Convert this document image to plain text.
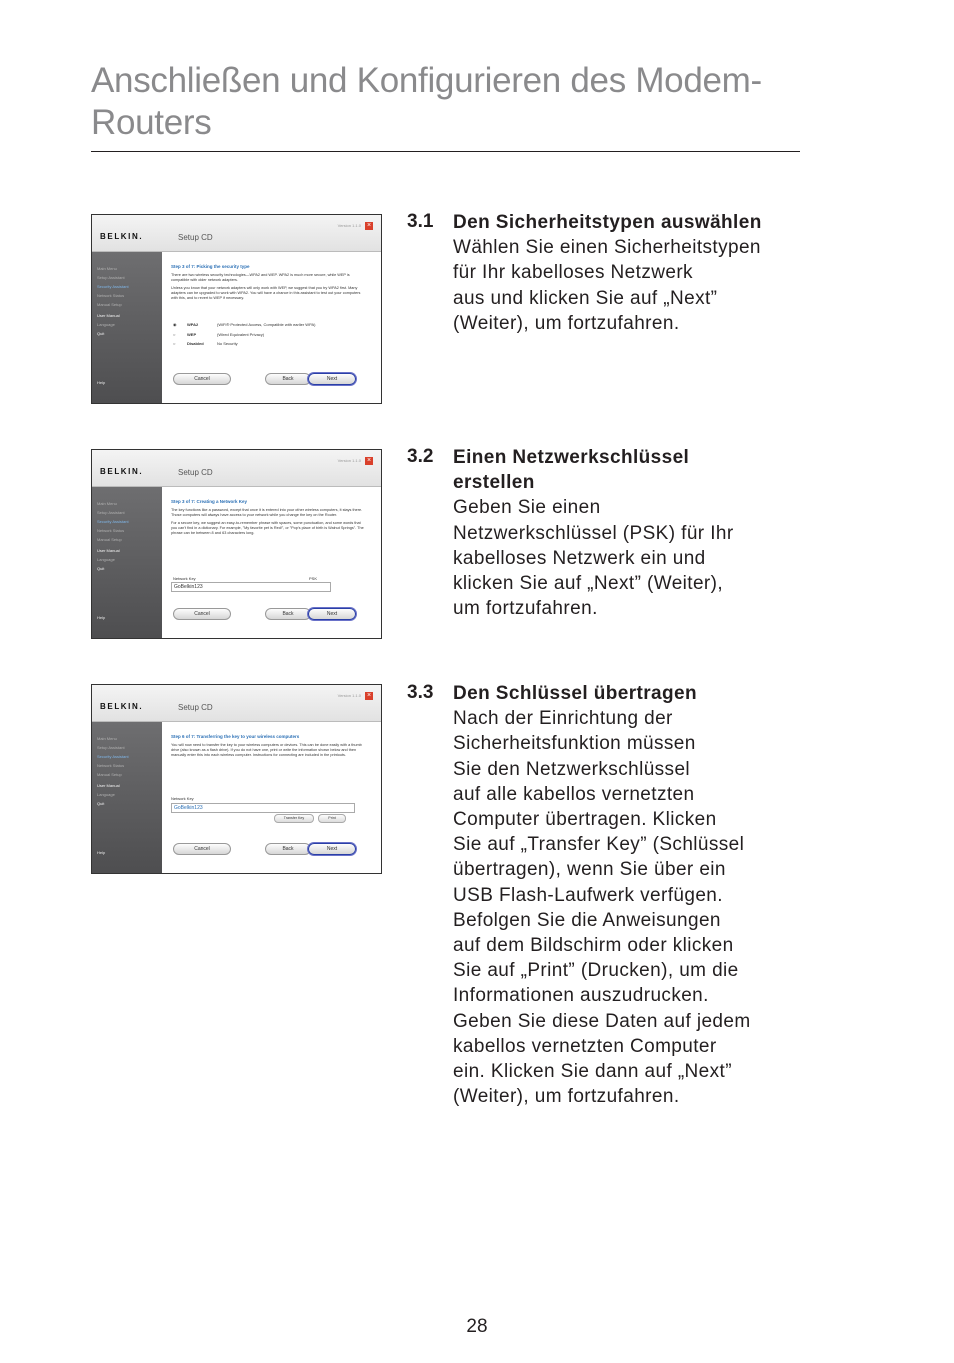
Anschließen und Konfigurieren des Modem-
Routers
BELKIN.	Setup CD
Version 1.1.0 ×
Main Menu
Setup Assistant
Security Assistant
Network Status
Manual Setup
User Manual
Language
Quit
Help
Step 3 of 7: Picking the security type
There are two wireless security technologies—WPA2 and WEP. WPA2 is much more secure, while WEP is compatible with older network adapters.
Unless you know that your network adapters will only work with WEP, we suggest that you try WPA2 first. Many adapters can be upgraded to work with WPA2. You will have a chance in this assistant to test out your computers with this, and to revert to WEP if necessary.
◉	WPA2	(WiFi® Protected Access, Compatible with earlier WPA)
○	WEP	(Wired Equivalent Privacy)
○	Disabled	No Security
Cancel	Back	Next
3.1 Den Sicherheitstypen auswählen
Wählen Sie einen Sicherheitstypen
für Ihr kabelloses Netzwerk
aus und klicken Sie auf „Next”
(Weiter), um fortzufahren.
BELKIN.	Setup CD
Version 1.1.0 ×
Main Menu
Setup Assistant
Security Assistant
Network Status
Manual Setup
User Manual
Language
Quit
Help
Step 3 of 7: Creating a Network Key
The key functions like a password, except that once it is entered into your other wireless computers, it stays there. Those computers will always have access to your network while you change the key on the Router.
For a secure key, we suggest an easy-to-remember phrase with spaces, some punctuation, and some words that you can't find in a dictionary. For example, "My favorite pet is Red!", or "Pop's place of birth is Walnut Springs". The phrase can be between 8 and 63 characters long.
Network Key	PSK
GoBelkin123
Cancel	Back	Next
3.2 Einen Netzwerkschlüssel
erstellen
Geben Sie einen
Netzwerkschlüssel (PSK) für Ihr
kabelloses Netzwerk ein und
klicken Sie auf „Next” (Weiter),
um fortzufahren.
BELKIN.	Setup CD
Version 1.1.0 ×
Main Menu
Setup Assistant
Security Assistant
Network Status
Manual Setup
User Manual
Language
Quit
Help
Step 6 of 7: Transferring the key to your wireless computers
You will now need to transfer the key to your wireless computers or devices. This can be done easily with a thumb drive (also known as a flash drive). If you do not have one, print or write the information shown below and then manually enter this into each wireless computer. Instructions for connecting are included in the printouts.
Network Key
GoBelkin123
Transfer Key	Print
Cancel	Back	Next
3.3 Den Schlüssel übertragen
Nach der Einrichtung der
Sicherheitsfunktion müssen
Sie den Netzwerkschlüssel
auf alle kabellos vernetzten
Computer übertragen. Klicken
Sie auf „Transfer Key” (Schlüssel
übertragen), wenn Sie über ein
USB Flash-Laufwerk verfügen.
Befolgen Sie die Anweisungen
auf dem Bildschirm oder klicken
Sie auf „Print” (Drucken), um die
Informationen auszudrucken.
Geben Sie diese Daten auf jedem
kabellos vernetzten Computer
ein. Klicken Sie dann auf „Next”
(Weiter), um fortzufahren.
28
